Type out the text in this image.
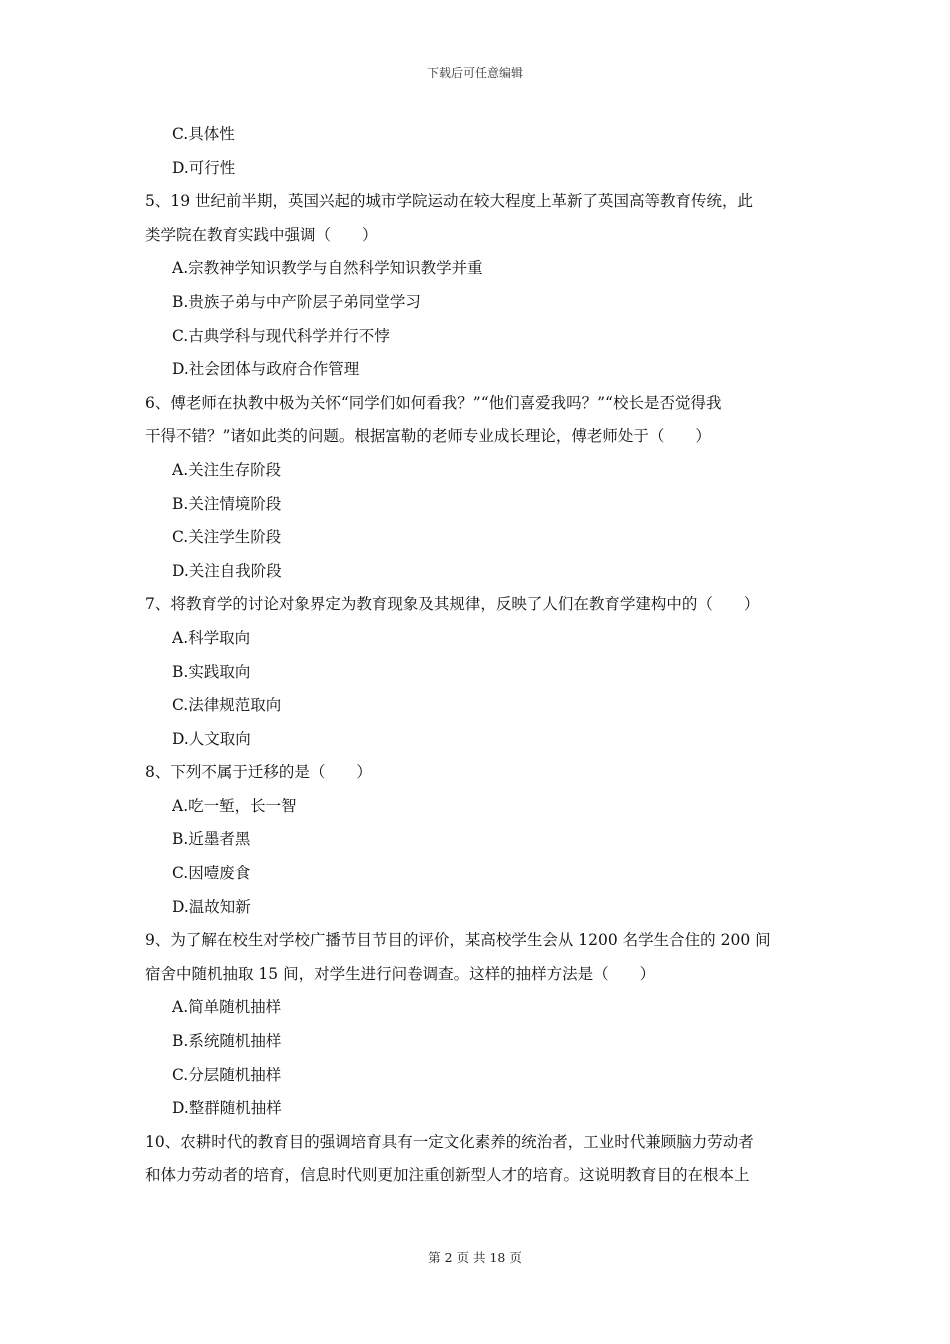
下载后可任意编辑
C.具体性
D.可行性
5、19 世纪前半期，英国兴起的城市学院运动在较大程度上革新了英国高等教育传统，此
类学院在教育实践中强调（　　）
A.宗教神学知识教学与自然科学知识教学并重
B.贵族子弟与中产阶层子弟同堂学习
C.古典学科与现代科学并行不悖
D.社会团体与政府合作管理
6、傅老师在执教中极为关怀“同学们如何看我？”“他们喜爱我吗？”“校长是否觉得我
干得不错？”诸如此类的问题。根据富勒的老师专业成长理论，傅老师处于（　　）
A.关注生存阶段
B.关注情境阶段
C.关注学生阶段
D.关注自我阶段
7、将教育学的讨论对象界定为教育现象及其规律，反映了人们在教育学建构中的（　　）
A.科学取向
B.实践取向
C.法律规范取向
D.人文取向
8、下列不属于迁移的是（　　）
A.吃一堑，长一智
B.近墨者黑
C.因噎废食
D.温故知新
9、为了解在校生对学校广播节目节目的评价，某高校学生会从 1200 名学生合住的 200 间
宿舍中随机抽取 15 间，对学生进行问卷调查。这样的抽样方法是（　　）
A.简单随机抽样
B.系统随机抽样
C.分层随机抽样
D.整群随机抽样
10、农耕时代的教育目的强调培育具有一定文化素养的统治者，工业时代兼顾脑力劳动者
和体力劳动者的培育，信息时代则更加注重创新型人才的培育。这说明教育目的在根本上
第 2 页 共 18 页
